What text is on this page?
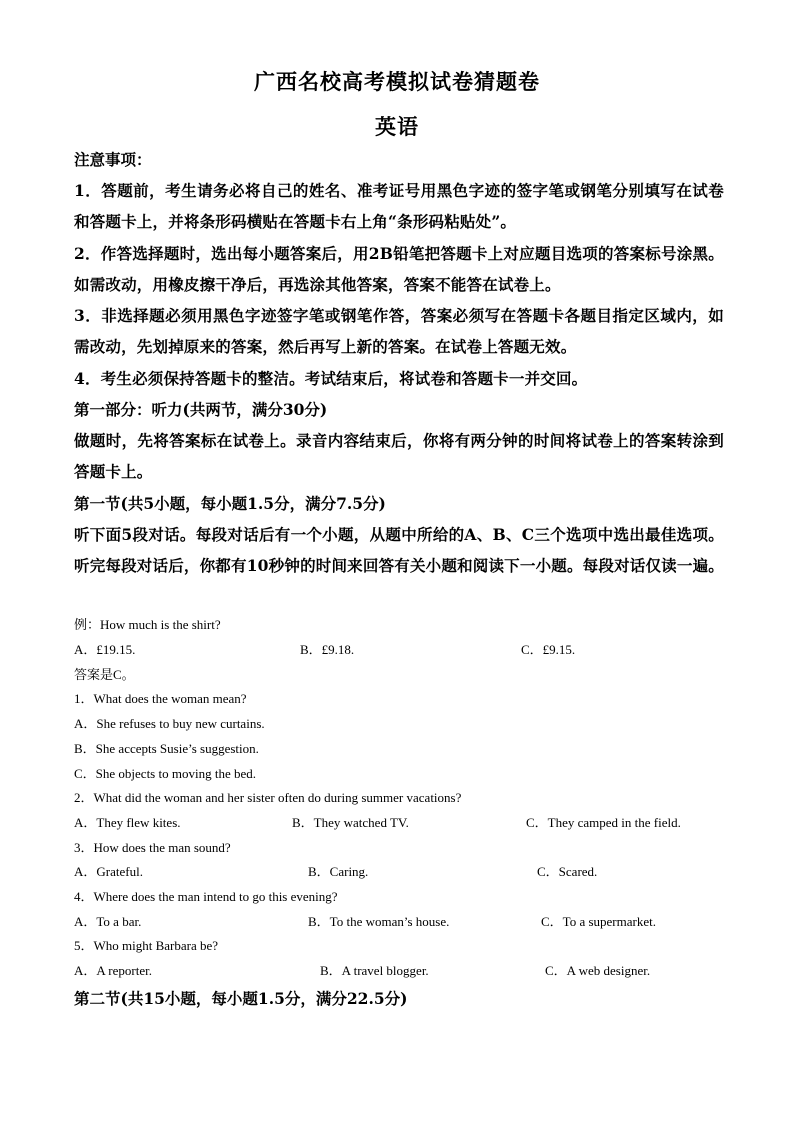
广西名校高考模拟试卷猜题卷
英语
注意事项：
1．答题前，考生请务必将自己的姓名、准考证号用黑色字迹的签字笔或钢笔分别填写在试卷和答题卡上，并将条形码横贴在答题卡右上角“条形码粘贴处”。
2．作答选择题时，选出每小题答案后，用2B铅笔把答题卡上对应题目选项的答案标号涂黑。如需改动，用橡皮擦干净后，再选涂其他答案，答案不能答在试卷上。
3．非选择题必须用黑色字迹签字笔或钢笔作答，答案必须写在答题卡各题目指定区域内，如需改动，先划掉原来的答案，然后再写上新的答案。在试卷上答题无效。
4．考生必须保持答题卡的整洁。考试结束后，将试卷和答题卡一并交回。
第一部分：听力(共两节，满分30分)
做题时，先将答案标在试卷上。录音内容结束后，你将有两分钟的时间将试卷上的答案转涂到答题卡上。
第一节(共5小题，每小题1.5分，满分7.5分)
听下面5段对话。每段对话后有一个小题，从题中所给的A、B、C三个选项中选出最佳选项。听完每段对话后，你都有10秒钟的时间来回答有关小题和阅读下一小题。每段对话仅读一遍。
例：How much is the shirt?
A．£19.15.	B．£9.18.	C．£9.15.
答案是C。
1．What does the woman mean?
A．She refuses to buy new curtains.
B．She accepts Susie’s suggestion.
C．She objects to moving the bed.
2．What did the woman and her sister often do during summer vacations?
A．They flew kites.	B．They watched TV.	C．They camped in the field.
3．How does the man sound?
A．Grateful.	B．Caring.	C．Scared.
4．Where does the man intend to go this evening?
A．To a bar.	B．To the woman’s house.	C．To a supermarket.
5．Who might Barbara be?
A．A reporter.	B．A travel blogger.	C．A web designer.
第二节(共15小题，每小题1.5分，满分22.5分)
